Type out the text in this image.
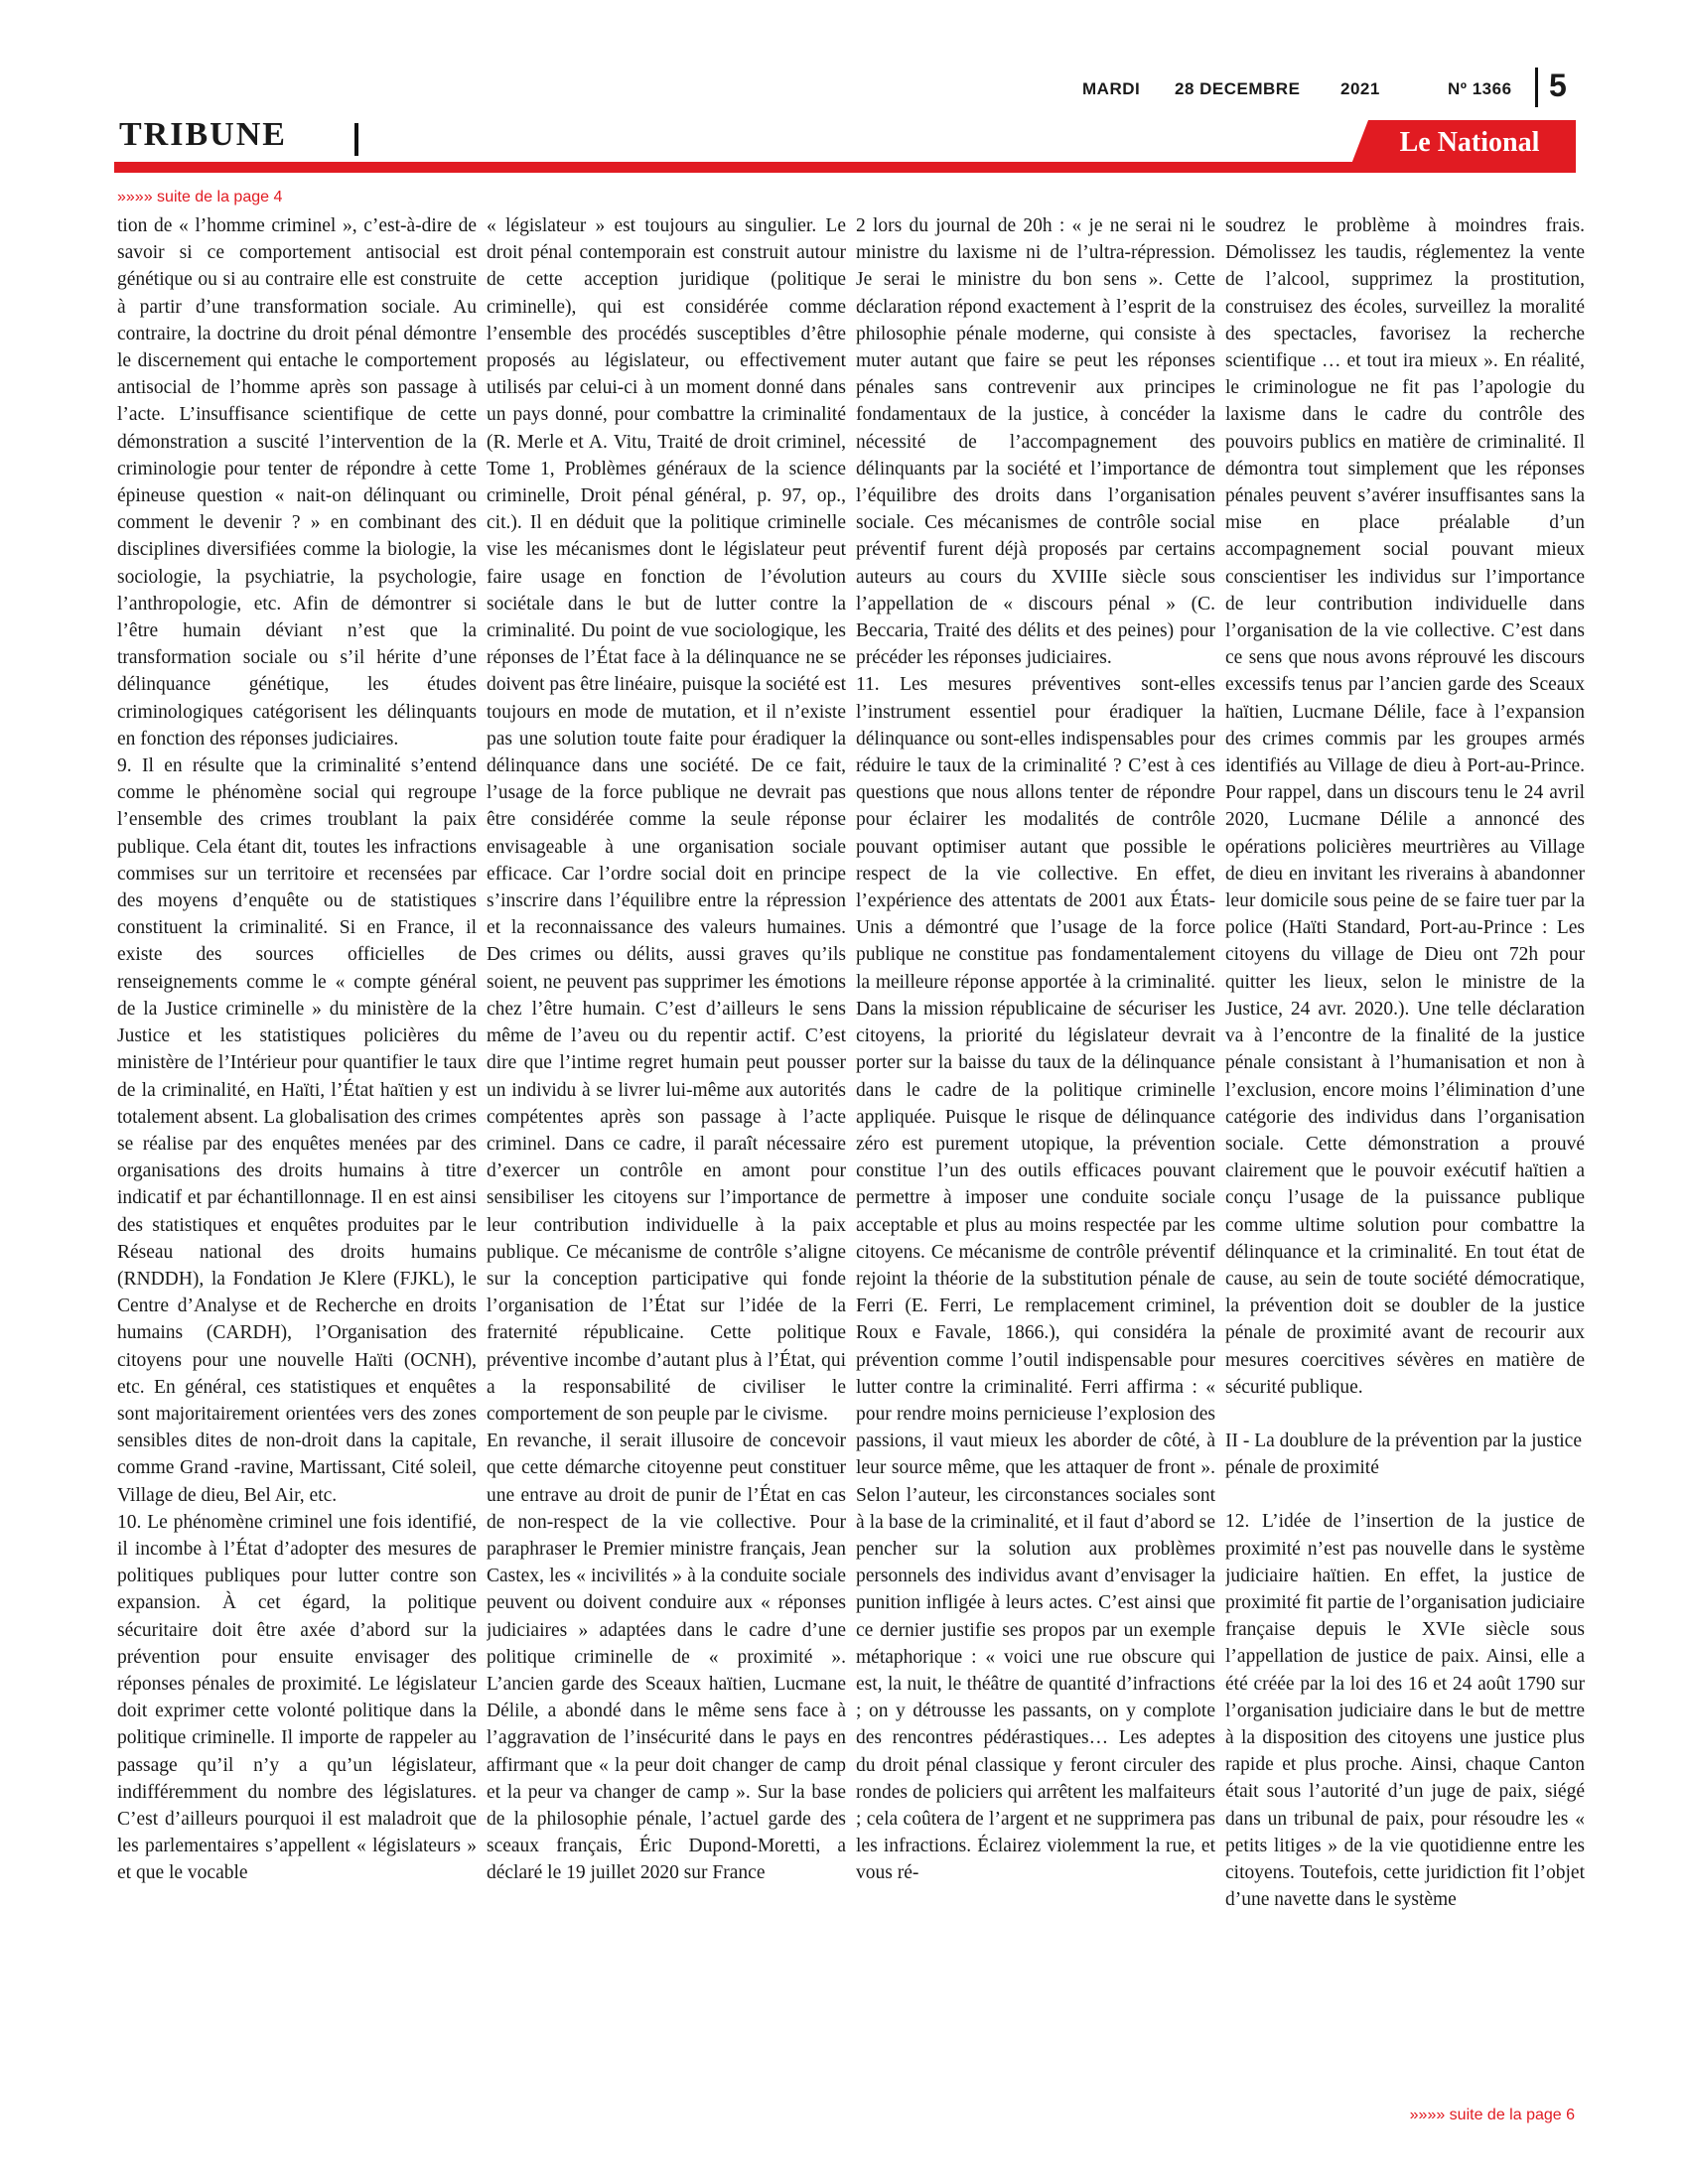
MARDI 28 DECEMBRE 2021	Nº 1366 5
TRIBUNE	Le National
»»»» suite de la page 4

tion de « l’homme criminel », c’est-à-dire de savoir si ce comportement antisocial est génétique ou si au contraire elle est construite à partir d’une transformation sociale. Au contraire, la doctrine du droit pénal démontre le discernement qui entache le comportement antisocial de l’homme après son passage à l’acte. L’insuffisance scientifique de cette démonstration a suscité l’intervention de la criminologie pour tenter de répondre à cette épineuse question « nait-on délinquant ou comment le devenir ? » en combinant des disciplines diversifiées comme la biologie, la sociologie, la psychiatrie, la psychologie, l’anthropologie, etc. Afin de démontrer si l’être humain déviant n’est que la transformation sociale ou s’il hérite d’une délinquance génétique, les études criminologiques catégorisent les délinquants en fonction des réponses judiciaires.

9. Il en résulte que la criminalité s’entend comme le phénomène social qui regroupe l’ensemble des crimes troublant la paix publique. Cela étant dit, toutes les infractions commises sur un territoire et recensées par des moyens d’enquête ou de statistiques constituent la criminalité. Si en France, il existe des sources officielles de renseignements comme le « compte général de la Justice criminelle » du ministère de la Justice et les statistiques policières du ministère de l’Intérieur pour quantifier le taux de la criminalité, en Haïti, l’État haïtien y est totalement absent. La globalisation des crimes se réalise par des enquêtes menées par des organisations des droits humains à titre indicatif et par échantillonnage. Il en est ainsi des statistiques et enquêtes produites par le Réseau national des droits humains (RNDDH), la Fondation Je Klere (FJKL), le Centre d’Analyse et de Recherche en droits humains (CARDH), l’Organisation des citoyens pour une nouvelle Haïti (OCNH), etc. En général, ces statistiques et enquêtes sont majoritairement orientées vers des zones sensibles dites de non-droit dans la capitale, comme Grand -ravine, Martissant, Cité soleil, Village de dieu, Bel Air, etc.

10. Le phénomène criminel une fois identifié, il incombe à l’État d’adopter des mesures de politiques publiques pour lutter contre son expansion. À cet égard, la politique sécuritaire doit être axée d’abord sur la prévention pour ensuite envisager des réponses pénales de proximité. Le législateur doit exprimer cette volonté politique dans la politique criminelle. Il importe de rappeler au passage qu’il n’y a qu’un législateur, indifféremment du nombre des législatures. C’est d’ailleurs pourquoi il est maladroit que les parlementaires s’appellent « législateurs » et que le vocable

« législateur » est toujours au singulier. Le droit pénal contemporain est construit autour de cette acception juridique (politique criminelle), qui est considérée comme l’ensemble des procédés susceptibles d’être proposés au législateur, ou effectivement utilisés par celui-ci à un moment donné dans un pays donné, pour combattre la criminalité (R. Merle et A. Vitu, Traité de droit criminel, Tome 1, Problèmes généraux de la science criminelle, Droit pénal général, p. 97, op., cit.). Il en déduit que la politique criminelle vise les mécanismes dont le législateur peut faire usage en fonction de l’évolution sociétale dans le but de lutter contre la criminalité. Du point de vue sociologique, les réponses de l’État face à la délinquance ne se doivent pas être linéaire, puisque la société est toujours en mode de mutation, et il n’existe pas une solution toute faite pour éradiquer la délinquance dans une société. De ce fait, l’usage de la force publique ne devrait pas être considérée comme la seule réponse envisageable à une organisation sociale efficace. Car l’ordre social doit en principe s’inscrire dans l’équilibre entre la répression et la reconnaissance des valeurs humaines. Des crimes ou délits, aussi graves qu’ils soient, ne peuvent pas supprimer les émotions chez l’être humain. C’est d’ailleurs le sens même de l’aveu ou du repentir actif. C’est dire que l’intime regret humain peut pousser un individu à se livrer lui-même aux autorités compétentes après son passage à l’acte criminel. Dans ce cadre, il paraît nécessaire d’exercer un contrôle en amont pour sensibiliser les citoyens sur l’importance de leur contribution individuelle à la paix publique. Ce mécanisme de contrôle s’aligne sur la conception participative qui fonde l’organisation de l’État sur l’idée de la fraternité républicaine. Cette politique préventive incombe d’autant plus à l’État, qui a la responsabilité de civiliser le comportement de son peuple par le civisme.

En revanche, il serait illusoire de concevoir que cette démarche citoyenne peut constituer une entrave au droit de punir de l’État en cas de non-respect de la vie collective. Pour paraphraser le Premier ministre français, Jean Castex, les « incivilités » à la conduite sociale peuvent ou doivent conduire aux « réponses judiciaires » adaptées dans le cadre d’une politique criminelle de « proximité ». L’ancien garde des Sceaux haïtien, Lucmane Délile, a abondé dans le même sens face à l’aggravation de l’insécurité dans le pays en affirmant que « la peur doit changer de camp et la peur va changer de camp ». Sur la base de la philosophie pénale, l’actuel garde des sceaux français, Éric Dupond-Moretti, a déclaré le 19 juillet 2020 sur France

2 lors du journal de 20h : « je ne serai ni le ministre du laxisme ni de l’ultra-répression. Je serai le ministre du bon sens ». Cette déclaration répond exactement à l’esprit de la philosophie pénale moderne, qui consiste à muter autant que faire se peut les réponses pénales sans contrevenir aux principes fondamentaux de la justice, à concéder la nécessité de l’accompagnement des délinquants par la société et l’importance de l’équilibre des droits dans l’organisation sociale. Ces mécanismes de contrôle social préventif furent déjà proposés par certains auteurs au cours du XVIIIe siècle sous l’appellation de « discours pénal » (C. Beccaria, Traité des délits et des peines) pour précéder les réponses judiciaires.

11. Les mesures préventives sont-elles l’instrument essentiel pour éradiquer la délinquance ou sont-elles indispensables pour réduire le taux de la criminalité ? C’est à ces questions que nous allons tenter de répondre pour éclairer les modalités de contrôle pouvant optimiser autant que possible le respect de la vie collective. En effet, l’expérience des attentats de 2001 aux États-Unis a démontré que l’usage de la force publique ne constitue pas fondamentalement la meilleure réponse apportée à la criminalité. Dans la mission républicaine de sécuriser les citoyens, la priorité du législateur devrait porter sur la baisse du taux de la délinquance dans le cadre de la politique criminelle appliquée. Puisque le risque de délinquance zéro est purement utopique, la prévention constitue l’un des outils efficaces pouvant permettre à imposer une conduite sociale acceptable et plus au moins respectée par les citoyens. Ce mécanisme de contrôle préventif rejoint la théorie de la substitution pénale de Ferri (E. Ferri, Le remplacement criminel, Roux e Favale, 1866.), qui considéra la prévention comme l’outil indispensable pour lutter contre la criminalité. Ferri affirma : « pour rendre moins pernicieuse l’explosion des passions, il vaut mieux les aborder de côté, à leur source même, que les attaquer de front ». Selon l’auteur, les circonstances sociales sont à la base de la criminalité, et il faut d’abord se pencher sur la solution aux problèmes personnels des individus avant d’envisager la punition infligée à leurs actes. C’est ainsi que ce dernier justifie ses propos par un exemple métaphorique : « voici une rue obscure qui est, la nuit, le théâtre de quantité d’infractions ; on y détrousse les passants, on y complote des rencontres pédérastiques… Les adeptes du droit pénal classique y feront circuler des rondes de policiers qui arrêtent les malfaiteurs ; cela coûtera de l’argent et ne supprimera pas les infractions. Éclairez violemment la rue, et vous ré-

soudrez le problème à moindres frais. Démolissez les taudis, réglementez la vente de l’alcool, supprimez la prostitution, construisez des écoles, surveillez la moralité des spectacles, favorisez la recherche scientifique … et tout ira mieux ». En réalité, le criminologue ne fit pas l’apologie du laxisme dans le cadre du contrôle des pouvoirs publics en matière de criminalité. Il démontra tout simplement que les réponses pénales peuvent s’avérer insuffisantes sans la mise en place préalable d’un accompagnement social pouvant mieux conscientiser les individus sur l’importance de leur contribution individuelle dans l’organisation de la vie collective. C’est dans ce sens que nous avons réprouvé les discours excessifs tenus par l’ancien garde des Sceaux haïtien, Lucmane Délile, face à l’expansion des crimes commis par les groupes armés identifiés au Village de dieu à Port-au-Prince. Pour rappel, dans un discours tenu le 24 avril 2020, Lucmane Délile a annoncé des opérations policières meurtrières au Village de dieu en invitant les riverains à abandonner leur domicile sous peine de se faire tuer par la police (Haïti Standard, Port-au-Prince : Les citoyens du village de Dieu ont 72h pour quitter les lieux, selon le ministre de la Justice, 24 avr. 2020.). Une telle déclaration va à l’encontre de la finalité de la justice pénale consistant à l’humanisation et non à l’exclusion, encore moins l’élimination d’une catégorie des individus dans l’organisation sociale. Cette démonstration a prouvé clairement que le pouvoir exécutif haïtien a conçu l’usage de la puissance publique comme ultime solution pour combattre la délinquance et la criminalité. En tout état de cause, au sein de toute société démocratique, la prévention doit se doubler de la justice pénale de proximité avant de recourir aux mesures coercitives sévères en matière de sécurité publique.

II - La doublure de la prévention par la justice pénale de proximité

12. L’idée de l’insertion de la justice de proximité n’est pas nouvelle dans le système judiciaire haïtien. En effet, la justice de proximité fit partie de l’organisation judiciaire française depuis le XVIe siècle sous l’appellation de justice de paix. Ainsi, elle a été créée par la loi des 16 et 24 août 1790 sur l’organisation judiciaire dans le but de mettre à la disposition des citoyens une justice plus rapide et plus proche. Ainsi, chaque Canton était sous l’autorité d’un juge de paix, siégé dans un tribunal de paix, pour résoudre les « petits litiges » de la vie quotidienne entre les citoyens. Toutefois, cette juridiction fit l’objet d’une navette dans le système

»»»» suite de la page 6
